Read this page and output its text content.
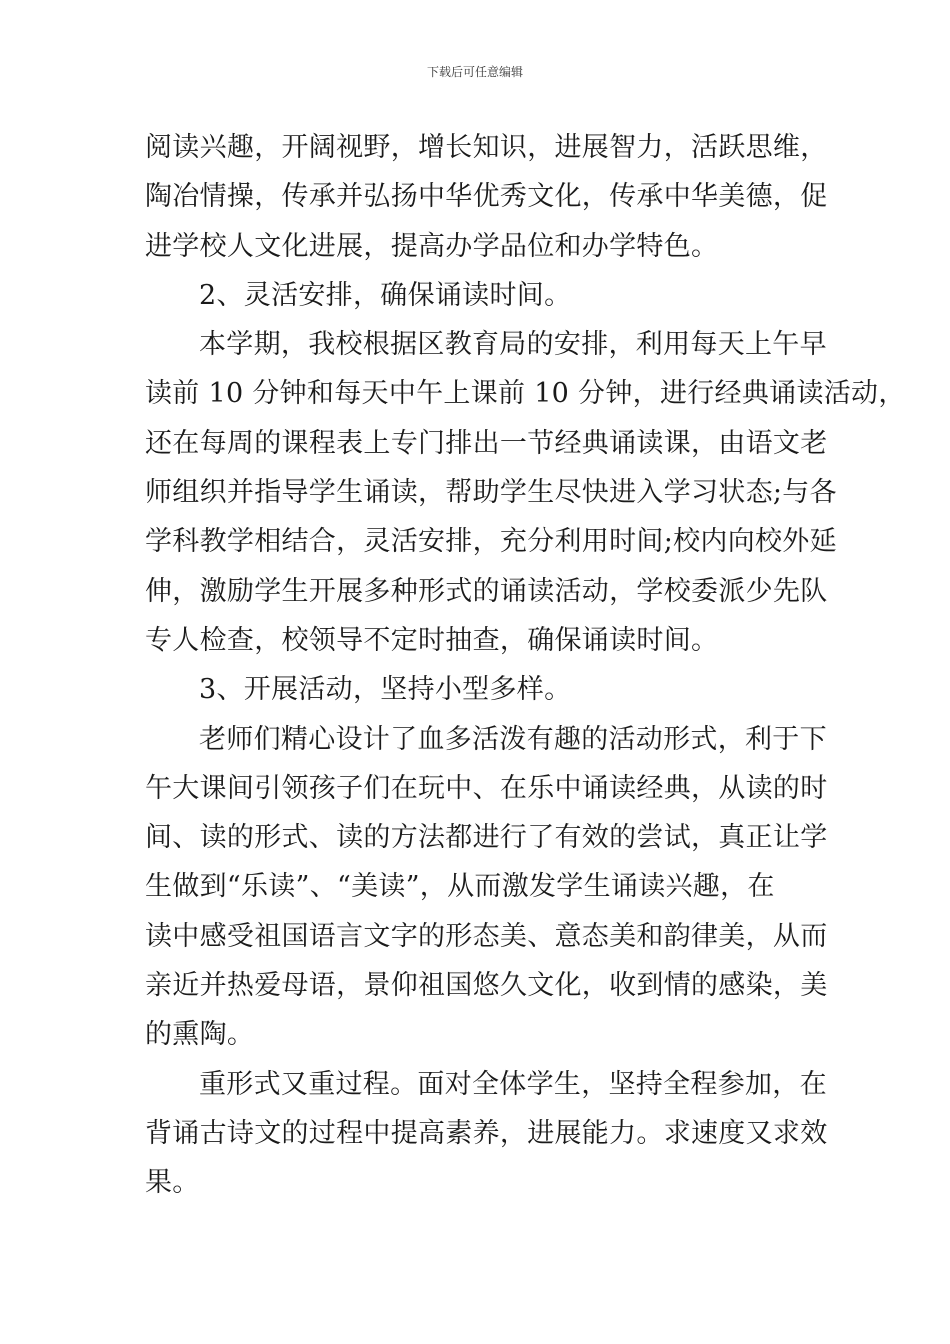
下载后可任意编辑
阅读兴趣，开阔视野，增长知识，进展智力，活跃思维，
陶冶情操，传承并弘扬中华优秀文化，传承中华美德，促
进学校人文化进展，提高办学品位和办学特色。
2、灵活安排，确保诵读时间。
本学期，我校根据区教育局的安排，利用每天上午早
读前 10 分钟和每天中午上课前 10 分钟，进行经典诵读活动，
还在每周的课程表上专门排出一节经典诵读课，由语文老
师组织并指导学生诵读，帮助学生尽快进入学习状态;与各
学科教学相结合，灵活安排，充分利用时间;校内向校外延
伸，激励学生开展多种形式的诵读活动，学校委派少先队
专人检查，校领导不定时抽查，确保诵读时间。
3、开展活动，坚持小型多样。
老师们精心设计了血多活泼有趣的活动形式，利于下
午大课间引领孩子们在玩中、在乐中诵读经典，从读的时
间、读的形式、读的方法都进行了有效的尝试，真正让学
生做到“乐读”、“美读”，从而激发学生诵读兴趣，在
读中感受祖国语言文字的形态美、意态美和韵律美，从而
亲近并热爱母语，景仰祖国悠久文化，收到情的感染，美
的熏陶。
重形式又重过程。面对全体学生，坚持全程参加，在
背诵古诗文的过程中提高素养，进展能力。求速度又求效
果。
